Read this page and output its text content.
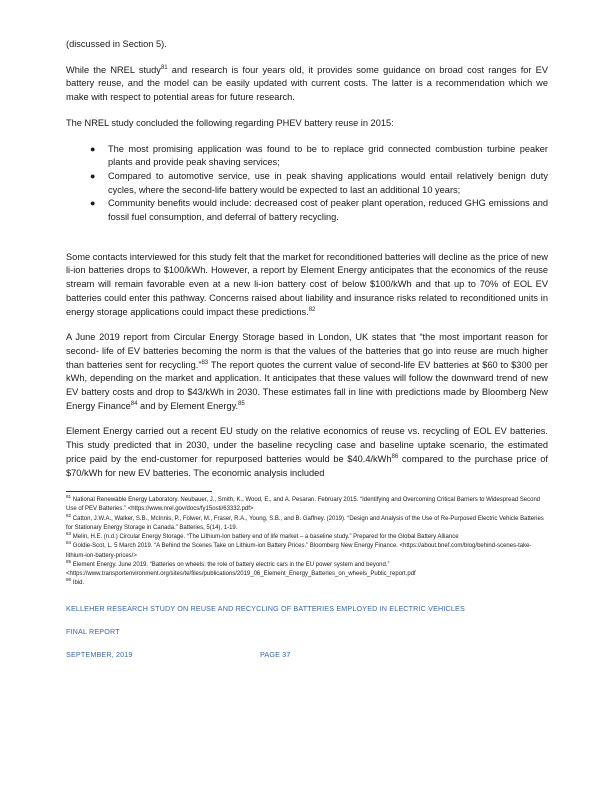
(discussed in Section 5).

While the NREL study$^{81}$ and research is four years old, it provides some guidance on broad cost ranges for EV battery reuse, and the model can be easily updated with current costs. The latter is a recommendation which we make with respect to potential areas for future research.

The NREL study concluded the following regarding PHEV battery reuse in 2015:

● The most promising application was found to be to replace grid connected combustion turbine peaker plants and provide peak shaving services;
● Compared to automotive service, use in peak shaving applications would entail relatively benign duty cycles, where the second-life battery would be expected to last an additional 10 years;
● Community benefits would include: decreased cost of peaker plant operation, reduced GHG emissions and fossil fuel consumption, and deferral of battery recycling.

Some contacts interviewed for this study felt that the market for reconditioned batteries will decline as the price of new li-ion batteries drops to $100/kWh. However, a report by Element Energy anticipates that the economics of the reuse stream will remain favorable even at a new li-ion battery cost of below $100/kWh and that up to 70% of EOL EV batteries could enter this pathway. Concerns raised about liability and insurance risks related to reconditioned units in energy storage applications could impact these predictions.$^{82}$

A June 2019 report from Circular Energy Storage based in London, UK states that “the most important reason for second- life of EV batteries becoming the norm is that the values of the batteries that go into reuse are much higher than batteries sent for recycling.”$^{83}$ The report quotes the current value of second-life EV batteries at $60 to $300 per kWh, depending on the market and application. It anticipates that these values will follow the downward trend of new EV battery costs and drop to $43/kWh in 2030. These estimates fall in line with predictions made by Bloomberg New Energy Finance$^{84}$ and by Element Energy.$^{85}$

Element Energy carried out a recent EU study on the relative economics of reuse vs. recycling of EOL EV batteries. This study predicted that in 2030, under the baseline recycling case and baseline uptake scenario, the estimated price paid by the end-customer for repurposed batteries would be $40.4/kWh$^{86}$ compared to the purchase price of $70/kWh for new EV batteries. The economic analysis included

$^{81}$ National Renewable Energy Laboratory. Neubauer, J., Smith, K., Wood, E., and A. Pesaran. February 2015. “Identifying and Overcoming Critical Barriers to Widespread Second Use of PEV Batteries.” <https://www.nrel.gov/docs/fy15osti/63332.pdf>
$^{82}$ Catton, J.W.A., Walker, S.B., McInnis, P., Folwer, M., Fraser, R.A., Young, S.B., and B. Gaffney. (2019). “Design and Analysis of the Use of Re-Purposed Electric Vehicle Batteries for Stationary Energy Storage in Canada.” Batteries, 5(14), 1-19.
$^{83}$ Melin, H.E. (n.d.) Circular Energy Storage. “The Lithium-Ion battery end of life market – a baseline study.” Prepared for the Global Battery Alliance
$^{84}$ Goldie-Scot, L. 5 March 2019. “A Behind the Scenes Take on Lithium-ion Battery Prices.” Bloomberg New Energy Finance. <https://about.bnef.com/blog/behind-scenes-take-lithium-ion-battery-prices/>
$^{85}$ Element Energy. June 2019. “Batteries on wheels: the role of battery electric cars in the EU power system and beyond.” <https://www.transportenvironment.org/sites/te/files/publications/2019_06_Element_Energy_Batteries_on_wheels_Public_report.pdf
$^{86}$ Ibid.
KELLEHER RESEARCH STUDY ON REUSE AND RECYCLING OF BATTERIES EMPLOYED IN ELECTRIC VEHICLES
FINAL REPORT
SEPTEMBER, 2019	PAGE 37
